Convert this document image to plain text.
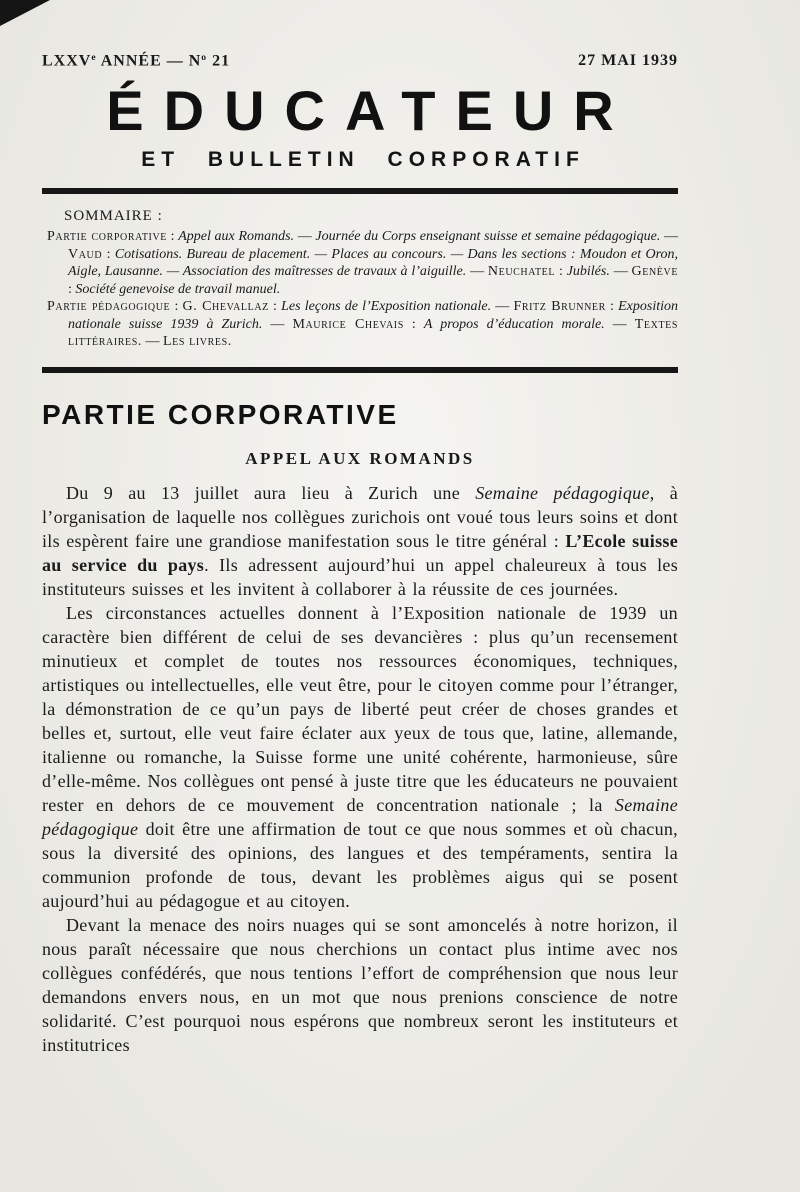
LXXVe ANNÉE — $N^o$ 21	27 MAI 1939
ÉDUCATEUR
ET BULLETIN CORPORATIF
SOMMAIRE :

Partie corporative : Appel aux Romands. — Journée du Corps enseignant suisse et semaine pédagogique. — Vaud : Cotisations. Bureau de placement. — Places au concours. — Dans les sections : Moudon et Oron, Aigle, Lausanne. — Association des maîtresses de travaux à l’aiguille. — Neuchatel : Jubilés. — Genève : Société genevoise de travail manuel.

Partie pédagogique : G. Chevallaz : Les leçons de l’Exposition nationale. — Fritz Brunner : Exposition nationale suisse 1939 à Zurich. — Maurice Chevais : A propos d’éducation morale. — Textes littéraires. — Les livres.

PARTIE CORPORATIVE
APPEL AUX ROMANDS

Du 9 au 13 juillet aura lieu à Zurich une Semaine pédagogique, à l’organisation de laquelle nos collègues zurichois ont voué tous leurs soins et dont ils espèrent faire une grandiose manifestation sous le titre général : L’Ecole suisse au service du pays. Ils adressent aujourd’hui un appel chaleureux à tous les instituteurs suisses et les invitent à collaborer à la réussite de ces journées.

Les circonstances actuelles donnent à l’Exposition nationale de 1939 un caractère bien différent de celui de ses devancières : plus qu’un recensement minutieux et complet de toutes nos ressources économiques, techniques, artistiques ou intellectuelles, elle veut être, pour le citoyen comme pour l’étranger, la démonstration de ce qu’un pays de liberté peut créer de choses grandes et belles et, surtout, elle veut faire éclater aux yeux de tous que, latine, allemande, italienne ou romanche, la Suisse forme une unité cohérente, harmonieuse, sûre d’elle-même. Nos collègues ont pensé à juste titre que les éducateurs ne pouvaient rester en dehors de ce mouvement de concentration nationale ; la Semaine pédagogique doit être une affirmation de tout ce que nous sommes et où chacun, sous la diversité des opinions, des langues et des tempéraments, sentira la communion profonde de tous, devant les problèmes aigus qui se posent aujourd’hui au pédagogue et au citoyen.

Devant la menace des noirs nuages qui se sont amoncelés à notre horizon, il nous paraît nécessaire que nous cherchions un contact plus intime avec nos collègues confédérés, que nous tentions l’effort de compréhension que nous leur demandons envers nous, en un mot que nous prenions conscience de notre solidarité. C’est pourquoi nous espérons que nombreux seront les instituteurs et institutrices
